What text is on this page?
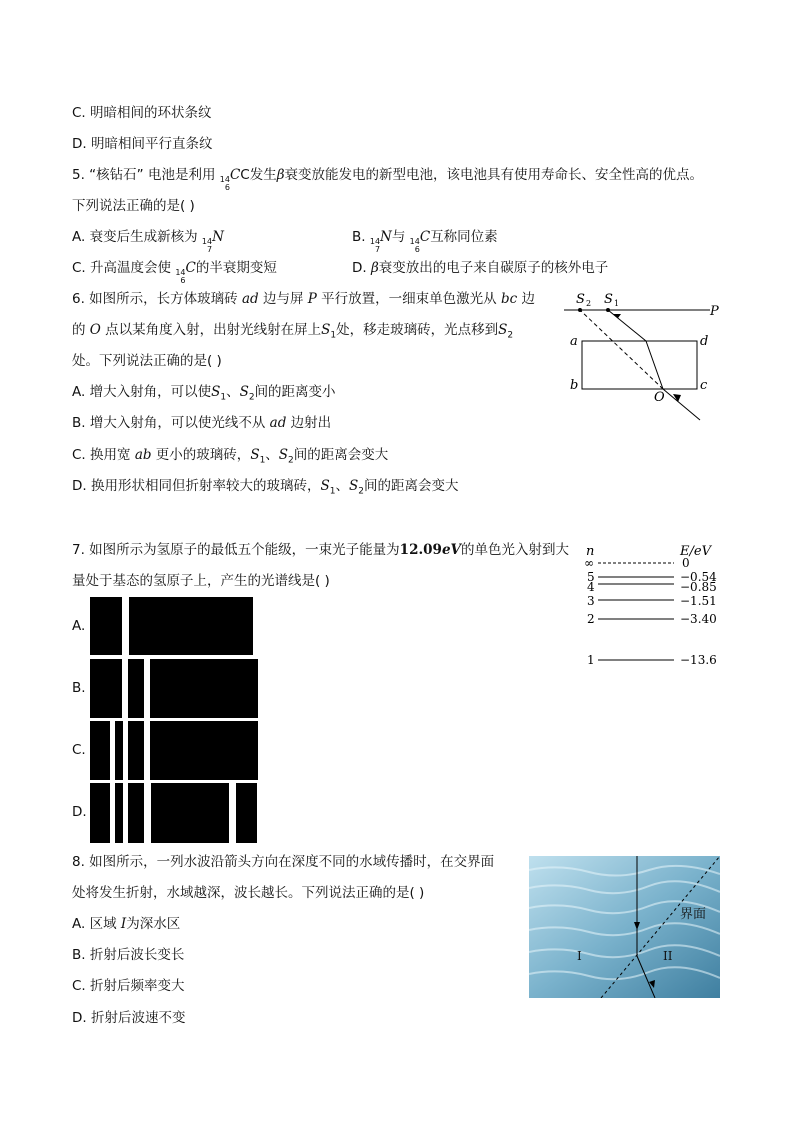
C. 明暗相间的环状条纹
D. 明暗相间平行直条纹
5. “核钻石” 电池是利用 14
6
CC发生β衰变放能发电的新型电池，该电池具有使用寿命长、安全性高的优点。
下列说法正确的是( )
A. 衰变后生成新核为 14
7
N	B. 14
7
N与 14
6
C互称同位素
C. 升高温度会使 14
6
C的半衰期变短	D. β衰变放出的电子来自碳原子的核外电子
6. 如图所示，长方体玻璃砖 ad 边与屏 P 平行放置，一细束单色激光从 bc 边
的 O 点以某角度入射，出射光线射在屏上$S_1$处，移走玻璃砖，光点移到$S_2$
处。下列说法正确的是( )
A. 增大入射角，可以使$S_1$、$S_2$间的距离变小
B. 增大入射角，可以使光线不从 ad 边射出
C. 换用宽 ab 更小的玻璃砖，$S_1$、$S_2$间的距离会变大
D. 换用形状相同但折射率较大的玻璃砖，$S_1$、$S_2$间的距离会变大
S 2 S 1
P
a
b	c
d
O
7. 如图所示为氢原子的最低五个能级，一束光子能量为12.09eV的单色光入射到大
量处于基态的氢原子上，产生的光谱线是( )
A.
B.
C.
D.
n	E/eV
∞	0
5	−0.54
4	−0.85
3	−1.51
2	−3.40
1	−13.6
8. 如图所示，一列水波沿箭头方向在深度不同的水域传播时，在交界面
处将发生折射，水域越深，波长越长。下列说法正确的是( )
A. 区域 I为深水区
B. 折射后波长变长
C. 折射后频率变大
D. 折射后波速不变
界面
I	II
